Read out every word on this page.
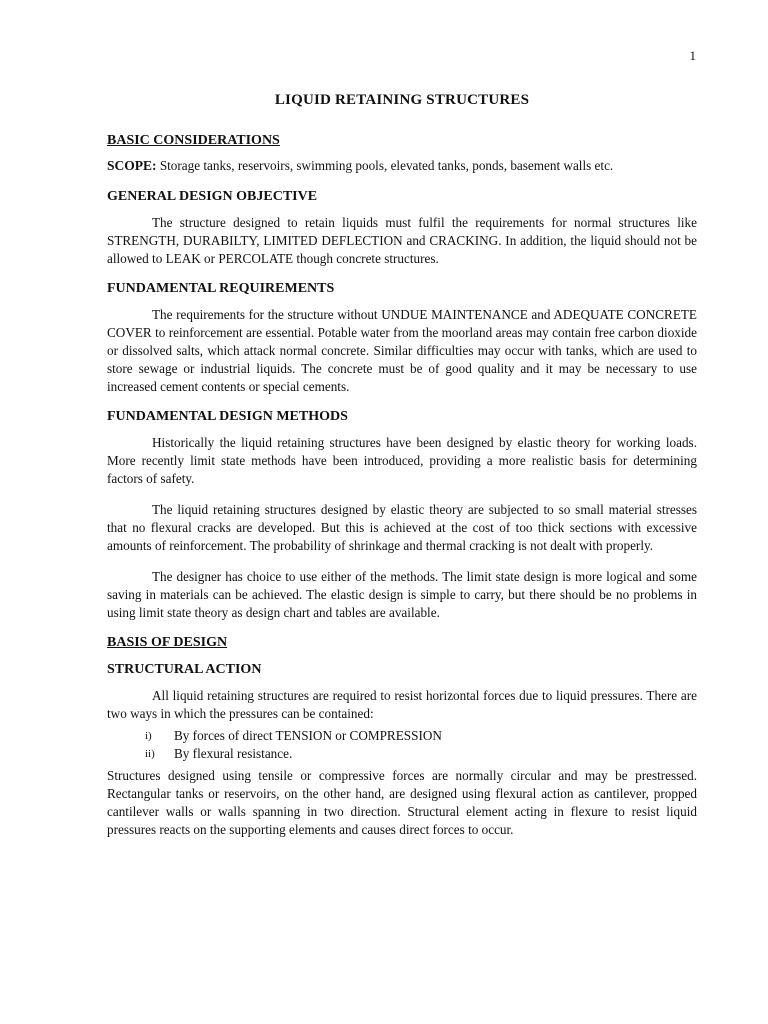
1
LIQUID RETAINING STRUCTURES
BASIC CONSIDERATIONS

SCOPE: Storage tanks, reservoirs, swimming pools, elevated tanks, ponds, basement walls etc.

GENERAL DESIGN OBJECTIVE

The structure designed to retain liquids must fulfil the requirements for normal structures like STRENGTH, DURABILTY, LIMITED DEFLECTION and CRACKING. In addition, the liquid should not be allowed to LEAK or PERCOLATE though concrete structures.

FUNDAMENTAL REQUIREMENTS

The requirements for the structure without UNDUE MAINTENANCE and ADEQUATE CONCRETE COVER to reinforcement are essential. Potable water from the moorland areas may contain free carbon dioxide or dissolved salts, which attack normal concrete. Similar difficulties may occur with tanks, which are used to store sewage or industrial liquids. The concrete must be of good quality and it may be necessary to use increased cement contents or special cements.

FUNDAMENTAL DESIGN METHODS

Historically the liquid retaining structures have been designed by elastic theory for working loads. More recently limit state methods have been introduced, providing a more realistic basis for determining factors of safety.

The liquid retaining structures designed by elastic theory are subjected to so small material stresses that no flexural cracks are developed. But this is achieved at the cost of too thick sections with excessive amounts of reinforcement. The probability of shrinkage and thermal cracking is not dealt with properly.

The designer has choice to use either of the methods. The limit state design is more logical and some saving in materials can be achieved. The elastic design is simple to carry, but there should be no problems in using limit state theory as design chart and tables are available.

BASIS OF DESIGN
STRUCTURAL ACTION

All liquid retaining structures are required to resist horizontal forces due to liquid pressures. There are two ways in which the pressures can be contained:

i) By forces of direct TENSION or COMPRESSION
ii) By flexural resistance.

Structures designed using tensile or compressive forces are normally circular and may be prestressed. Rectangular tanks or reservoirs, on the other hand, are designed using flexural action as cantilever, propped cantilever walls or walls spanning in two direction. Structural element acting in flexure to resist liquid pressures reacts on the supporting elements and causes direct forces to occur.
